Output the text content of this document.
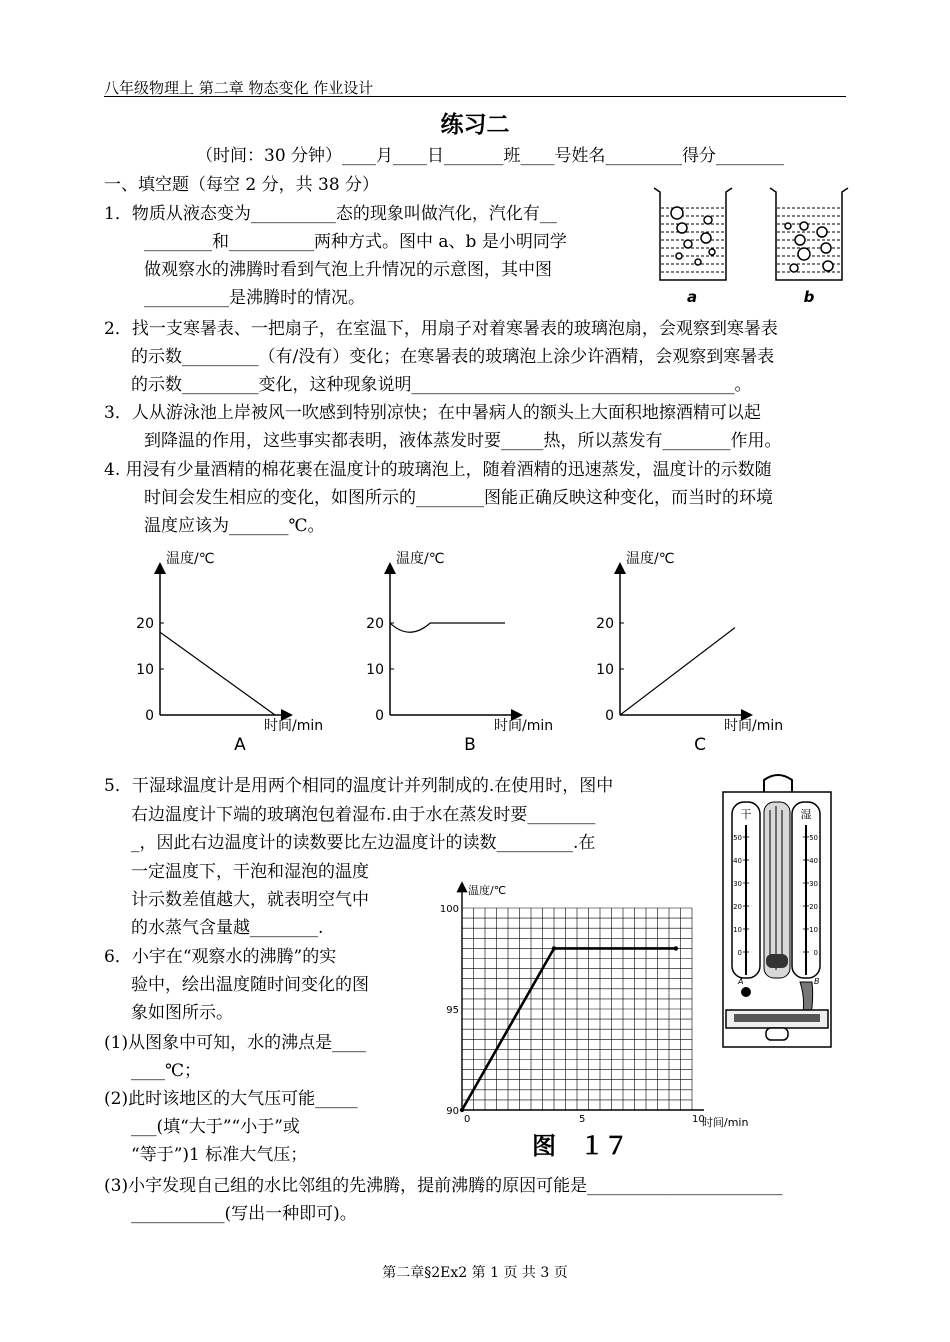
八年级物理上 第二章 物态变化 作业设计
练习二
（时间：30 分钟）____月____日_______班____号姓名_________得分________
一、填空题（每空 2 分，共 38 分）
1．物质从液态变为__________态的现象叫做汽化，汽化有__
________和__________两种方式。图中 a、b 是小明同学
做观察水的沸腾时看到气泡上升情况的示意图，其中图
__________是沸腾时的情况。	a	b
2．找一支寒暑表、一把扇子，在室温下，用扇子对着寒暑表的玻璃泡扇，会观察到寒暑表
的示数_________（有/没有）变化；在寒暑表的玻璃泡上涂少许酒精，会观察到寒暑表
的示数_________变化，这种现象说明______________________________________。
3．人从游泳池上岸被风一吹感到特别凉快；在中暑病人的额头上大面积地擦酒精可以起
到降温的作用，这些事实都表明，液体蒸发时要_____热，所以蒸发有________作用。
4. 用浸有少量酒精的棉花裹在温度计的玻璃泡上，随着酒精的迅速蒸发，温度计的示数随
时间会发生相应的变化，如图所示的________图能正确反映这种变化，而当时的环境
温度应该为_______℃。
温度/℃
时间/min
20
10
0
A
温度/℃
时间/min
20
10
0
B
温度/℃
时间/min
20
10
0
C
5．干湿球温度计是用两个相同的温度计并列制成的.在使用时，图中
右边温度计下端的玻璃泡包着湿布.由于水在蒸发时要________
_，因此右边温度计的读数要比左边温度计的读数_________.在
一定温度下，干泡和湿泡的温度
计示数差值越大，就表明空气中
的水蒸气含量越________.
6．小宇在“观察水的沸腾”的实
验中，绘出温度随时间变化的图
象如图所示。
(1)从图象中可知，水的沸点是____
____℃；
(2)此时该地区的大气压可能_____
___(填“大于”“小于”或
“等于”)1 标准大气压；
(3)小宇发现自己组的水比邻组的先沸腾，提前沸腾的原因可能是_______________________
___________(写出一种即可)。
90
95
100
0	5	10
时间/min
温度/℃
图　１７
干	湿
50	50
40	40
30	30
20	20
10	10
0	0
A	B
第二章§2Ex2 第 1 页 共 3 页
